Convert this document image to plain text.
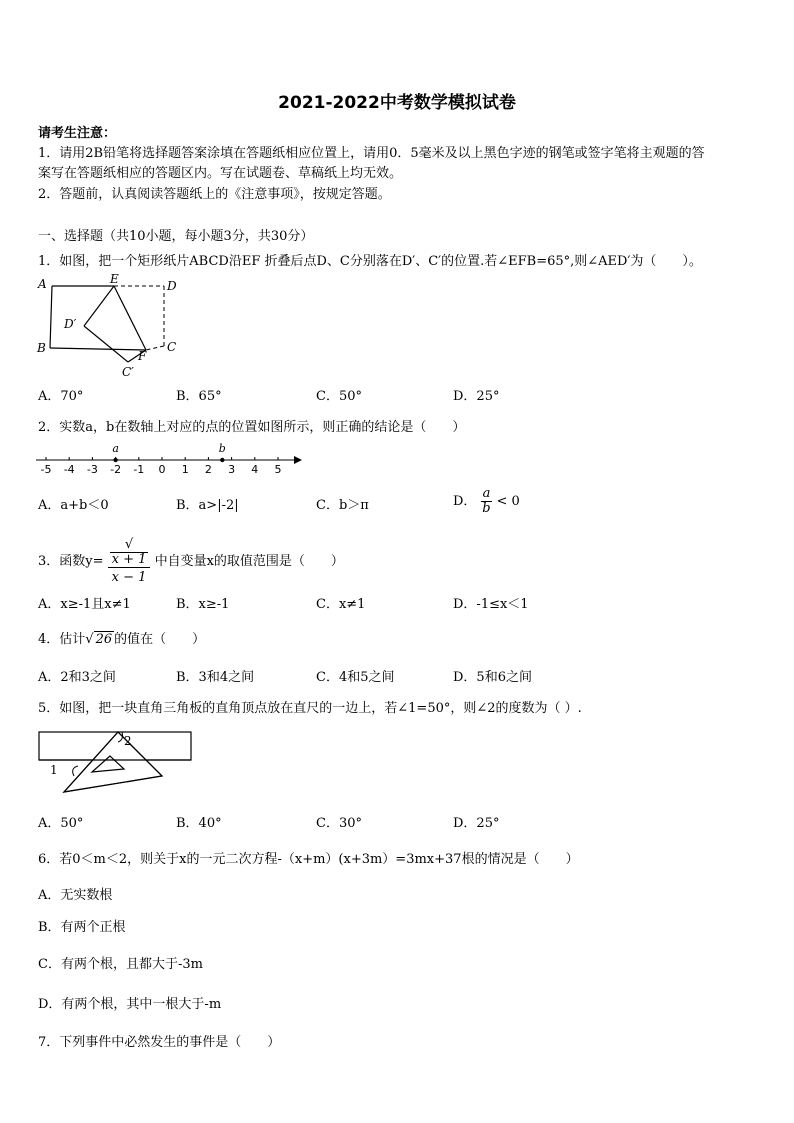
2021-2022中考数学模拟试卷
请考生注意：
1．请用2B铅笔将选择题答案涂填在答题纸相应位置上，请用0．5毫米及以上黑色字迹的钢笔或签字笔将主观题的答
案写在答题纸相应的答题区内。写在试题卷、草稿纸上均无效。
2．答题前，认真阅读答题纸上的《注意事项》，按规定答题。
一、选择题（共10小题，每小题3分，共30分）
1．如图，把一个矩形纸片ABCD沿EF 折叠后点D、C分别落在D′、C′的位置.若∠EFB=65°,则∠AED′为（　　）。
A	E	D
D′
B	C
F
C′
A．70°	B．65°	C．50°	D．25°
2．实数a，b在数轴上对应的点的位置如图所示，则正确的结论是（　　）
-5 -4 -3 -2 -1 0 1 2 3 4 5
a	b
A．a+b＜0	B．a>|-2|	C．b＞π	D． $\frac{a}{b} < 0$
3．函数y= √
x + 1
x − 1 中自变量x的取值范围是（　　）
A．x≥-1且x≠1	B．x≥-1	C．x≠1	D．-1≤x＜1
4．估计√ 26 的值在（　　）
A．2和3之间	B．3和4之间	C．4和5之间	D．5和6之间
5．如图，把一块直角三角板的直角顶点放在直尺的一边上，若∠1=50°，则∠2的度数为（ ）.
1
2
A．50°	B．40°	C．30°	D．25°
6．若0＜m＜2，则关于x的一元二次方程-（x+m）(x+3m）=3mx+37根的情况是（　　）
A．无实数根
B．有两个正根
C．有两个根，且都大于-3m
D．有两个根，其中一根大于-m
7．下列事件中必然发生的事件是（　　）
